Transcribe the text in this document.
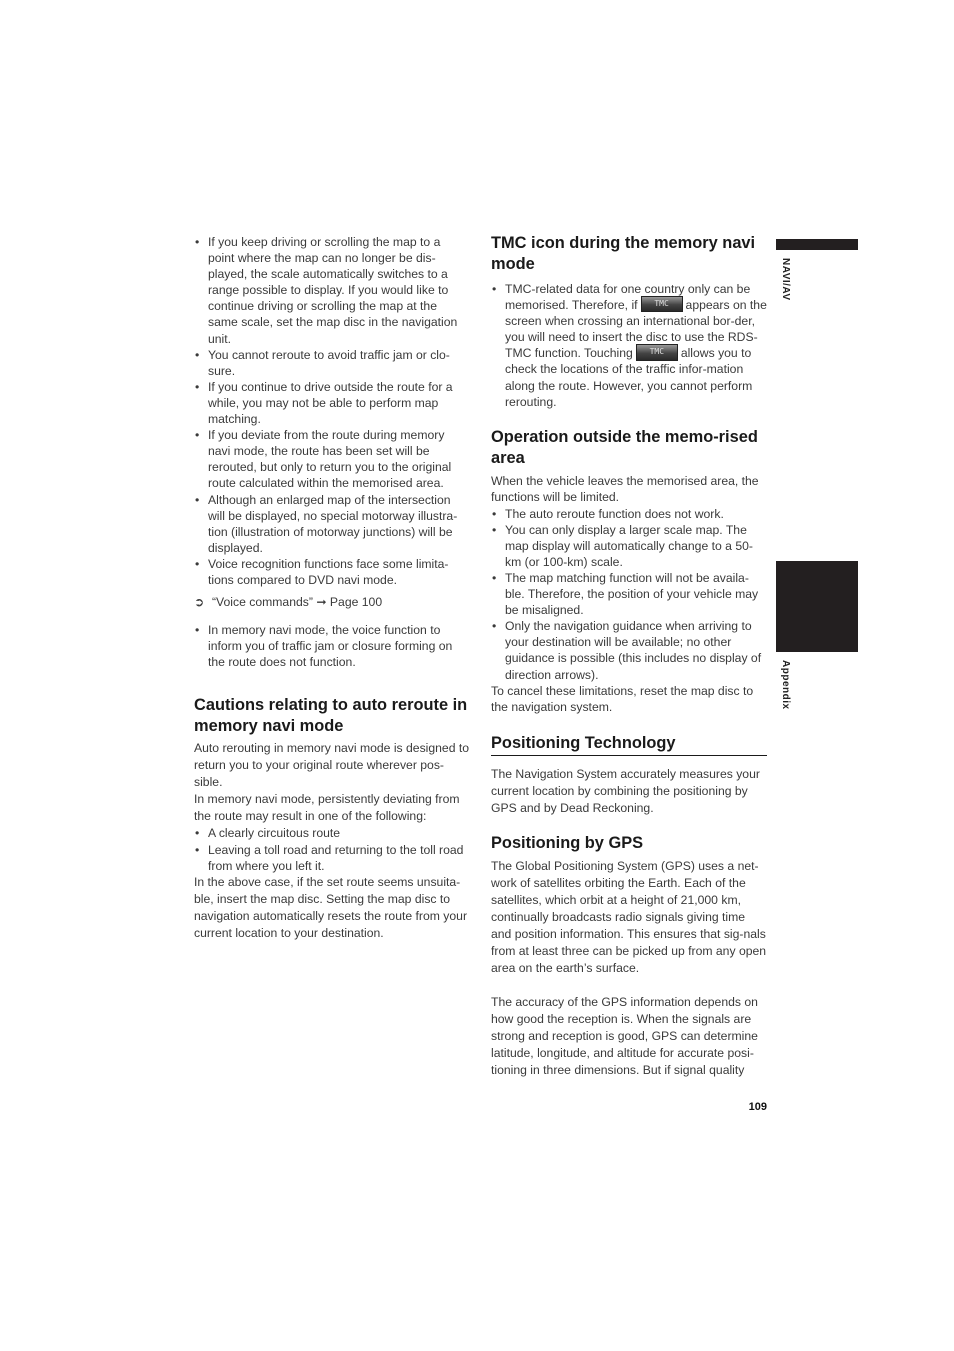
• If you keep driving or scrolling the map to a point where the map can no longer be dis-played, the scale automatically switches to a range possible to display. If you would like to continue driving or scrolling the map at the same scale, set the map disc in the navigation unit.
• You cannot reroute to avoid traffic jam or clo-sure.
• If you continue to drive outside the route for a while, you may not be able to perform map matching.
• If you deviate from the route during memory navi mode, the route has been set will be rerouted, but only to return you to the original route calculated within the memorised area.
• Although an enlarged map of the intersection will be displayed, no special motorway illustra-tion (illustration of motorway junctions) will be displayed.
• Voice recognition functions face some limita-tions compared to DVD navi mode.

➲ “Voice commands” ➞ Page 100

• In memory navi mode, the voice function to inform you of traffic jam or closure forming on the route does not function.
Cautions relating to auto reroute in memory navi mode

Auto rerouting in memory navi mode is designed to return you to your original route wherever pos-sible.

In memory navi mode, persistently deviating from the route may result in one of the following:

• A clearly circuitous route
• Leaving a toll road and returning to the toll road from where you left it.

In the above case, if the set route seems unsuita-ble, insert the map disc. Setting the map disc to navigation automatically resets the route from your current location to your destination.

TMC icon during the memory navi mode
• TMC-related data for one country only can be memorised. Therefore, if TMC appears on the screen when crossing an international bor-der, you will need to insert the disc to use the RDS-TMC function. Touching TMC allows you to check the locations of the traffic infor-mation along the route. However, you cannot perform rerouting.
Operation outside the memo-rised area

When the vehicle leaves the memorised area, the functions will be limited.

• The auto reroute function does not work.
• You can only display a larger scale map. The map display will automatically change to a 50-km (or 100-km) scale.
• The map matching function will not be availa-ble. Therefore, the position of your vehicle may be misaligned.
• Only the navigation guidance when arriving to your destination will be available; no other guidance is possible (this includes no display of direction arrows).

To cancel these limitations, reset the map disc to the navigation system.

Positioning Technology

The Navigation System accurately measures your current location by combining the positioning by GPS and by Dead Reckoning.

Positioning by GPS

The Global Positioning System (GPS) uses a net-work of satellites orbiting the Earth. Each of the satellites, which orbit at a height of 21,000 km, continually broadcasts radio signals giving time and position information. This ensures that sig-nals from at least three can be picked up from any open area on the earth’s surface.

The accuracy of the GPS information depends on how good the reception is. When the signals are strong and reception is good, GPS can determine latitude, longitude, and altitude for accurate posi-tioning in three dimensions. But if signal quality

NAVI/AV
Appendix
109
